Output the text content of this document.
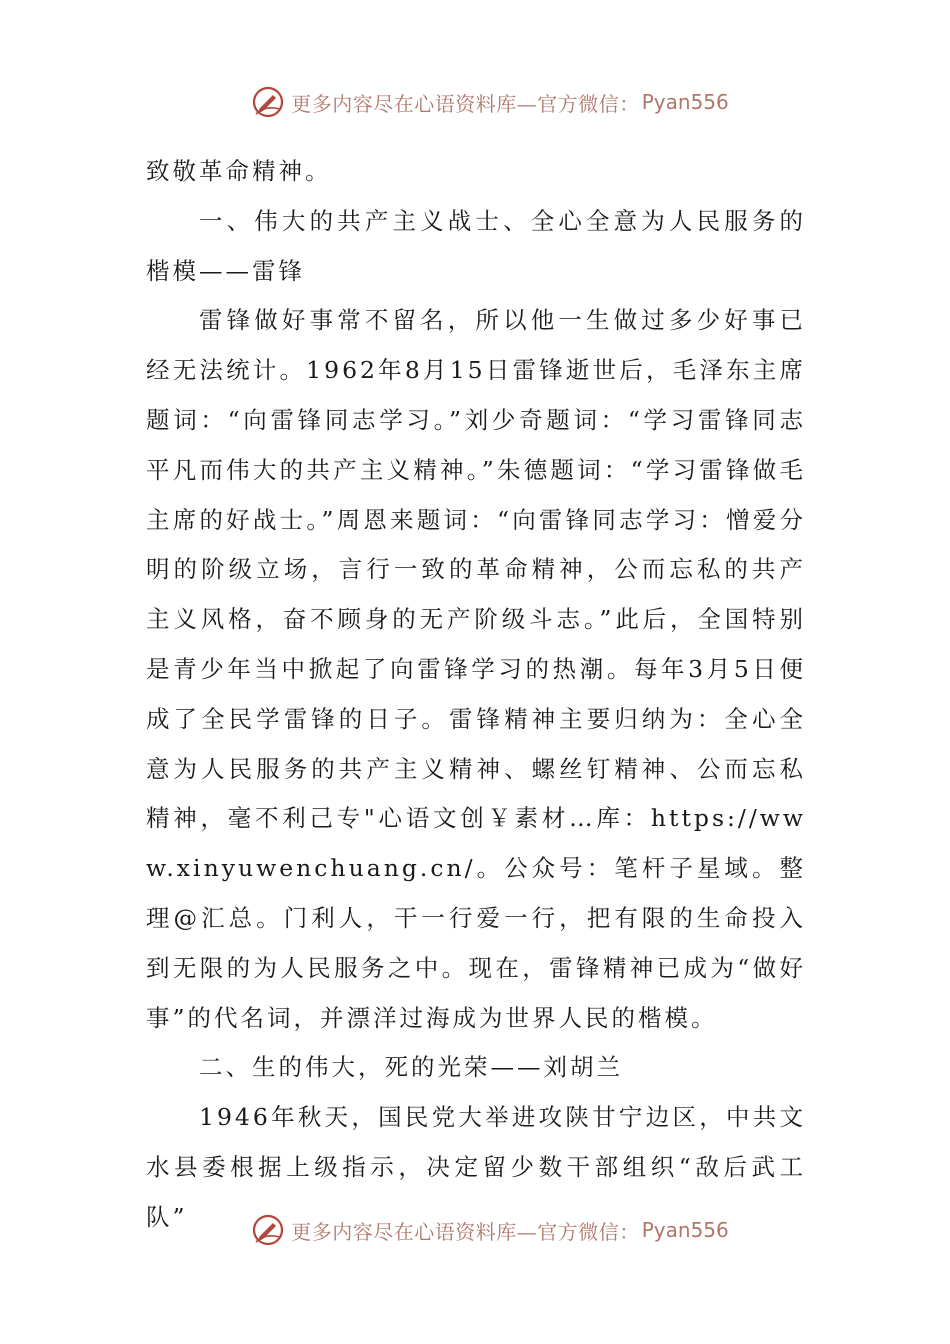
更多内容尽在心语资料库—官方微信： Pyan556

致敬革命精神。

一、伟大的共产主义战士、全心全意为人民服务的楷模——雷锋

雷锋做好事常不留名，所以他一生做过多少好事已经无法统计。1962年8月15日雷锋逝世后，毛泽东主席题词：“向雷锋同志学习。”刘少奇题词：“学习雷锋同志平凡而伟大的共产主义精神。”朱德题词：“学习雷锋做毛主席的好战士。”周恩来题词：“向雷锋同志学习：憎爱分明的阶级立场，言行一致的革命精神，公而忘私的共产主义风格，奋不顾身的无产阶级斗志。”此后，全国特别是青少年当中掀起了向雷锋学习的热潮。每年3月5日便成了全民学雷锋的日子。雷锋精神主要归纳为：全心全意为人民服务的共产主义精神、螺丝钉精神、公而忘私精神，毫不利己专"心语文创￥素材…库：https://www.xinyuwenchuang.cn/。公众号：笔杆子星域。整理@汇总。门利人，干一行爱一行，把有限的生命投入到无限的为人民服务之中。现在，雷锋精神已成为“做好事”的代名词，并漂洋过海成为世界人民的楷模。

二、生的伟大，死的光荣——刘胡兰

1946年秋天，国民党大举进攻陕甘宁边区，中共文水县委根据上级指示，决定留少数干部组织“敌后武工队”

更多内容尽在心语资料库—官方微信： Pyan556
